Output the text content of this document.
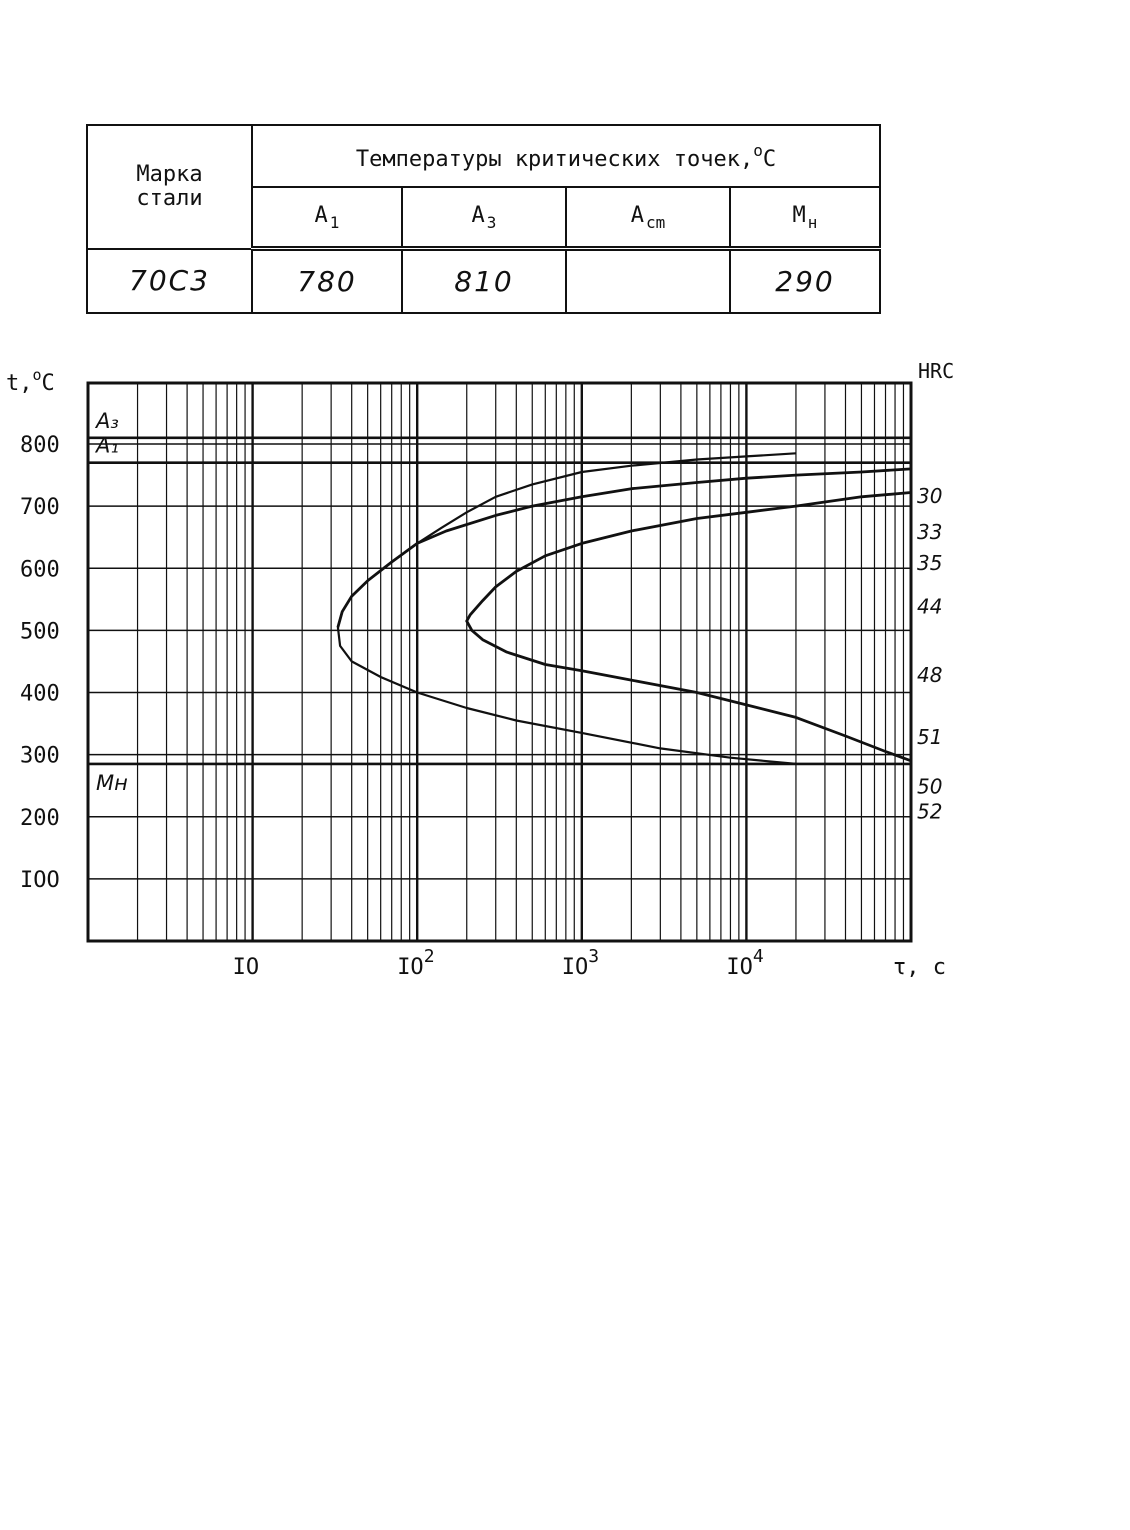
Марка стали	Температуры критических точек,$^о$C			
	A $_1$	A $_3$	A $_{cm}$	M $_н$
70С3	780	810		290
800
700
600
500
400
300
200
IOO
IO	$IO^2$	$IO^3$	$IO^4$
A₃
A₁
Mн
t,$^o$C
τ, c
HRC
30
33
35
44
48
51
50
52
